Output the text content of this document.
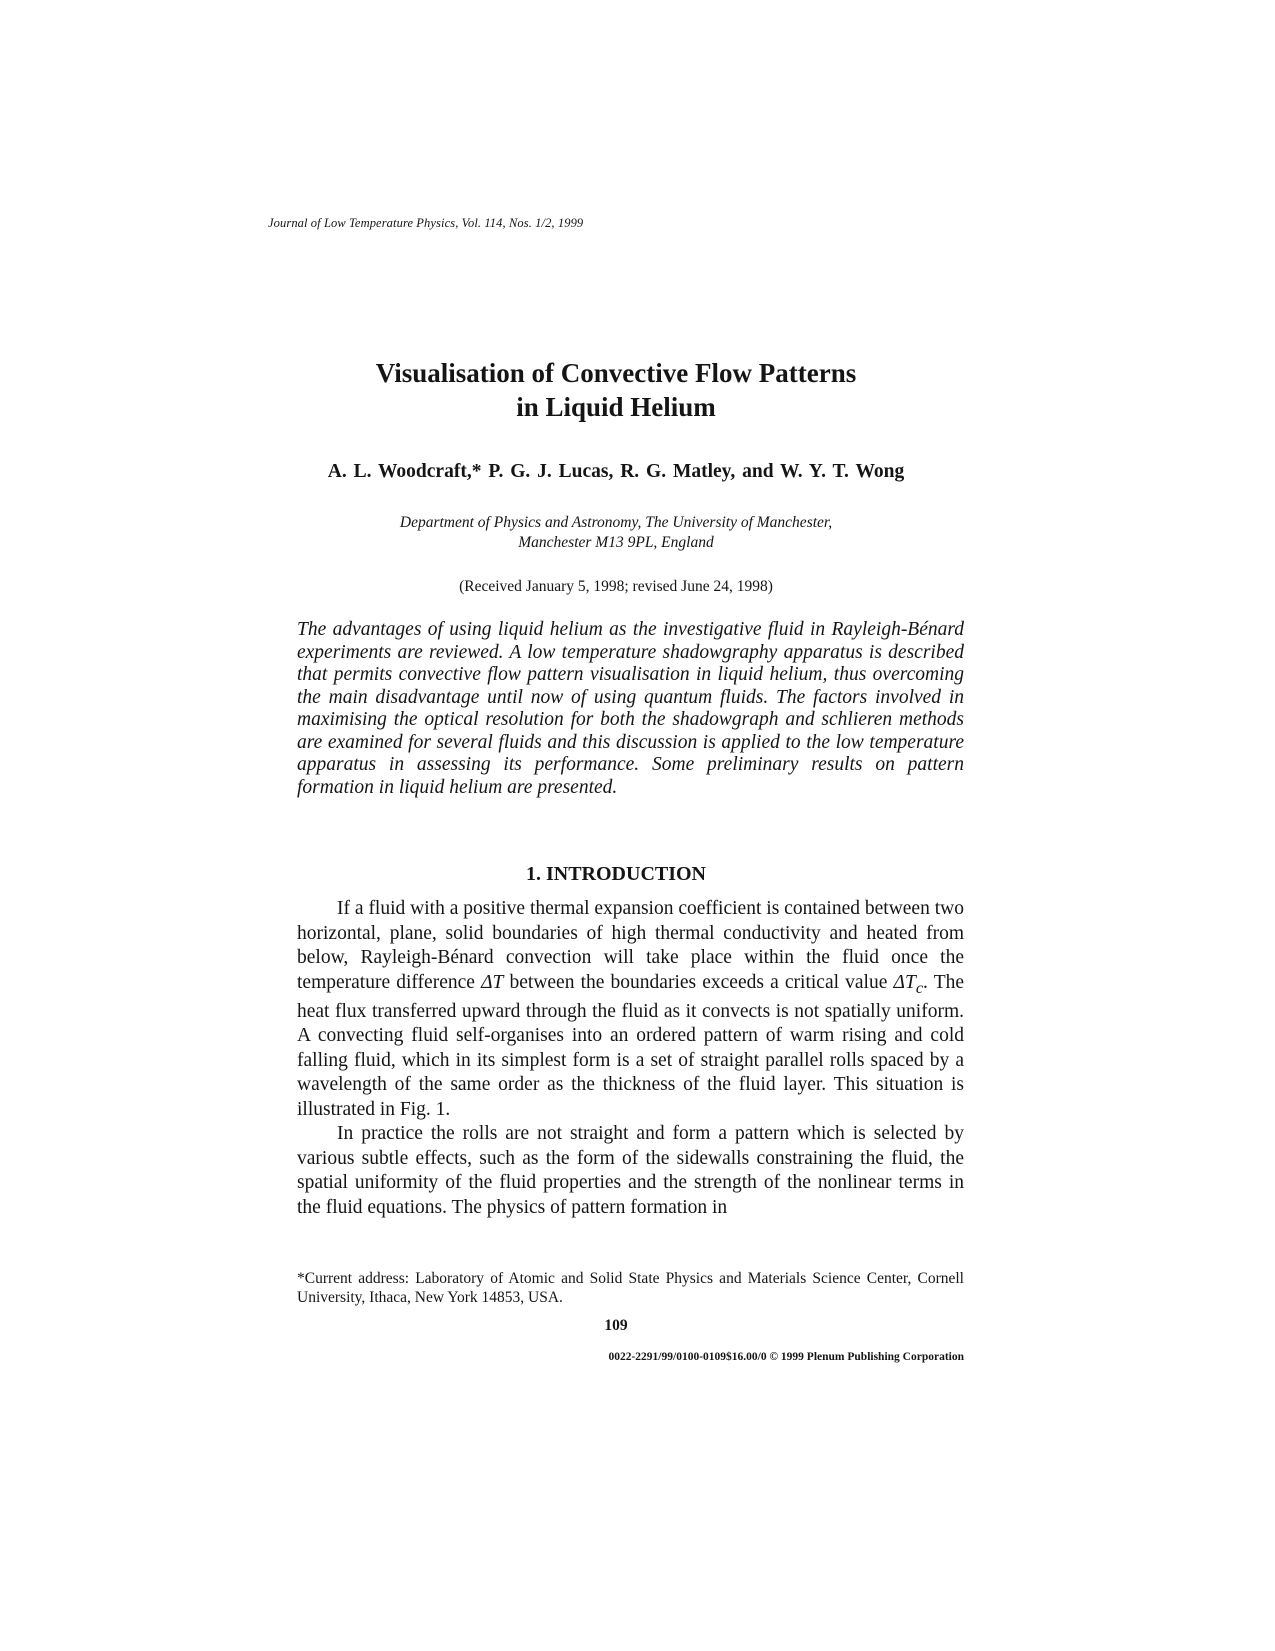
Journal of Low Temperature Physics, Vol. 114, Nos. 1/2, 1999
Visualisation of Convective Flow Patterns
in Liquid Helium
A. L. Woodcraft,* P. G. J. Lucas, R. G. Matley, and W. Y. T. Wong
Department of Physics and Astronomy, The University of Manchester,
Manchester M13 9PL, England
(Received January 5, 1998; revised June 24, 1998)
The advantages of using liquid helium as the investigative fluid in Rayleigh-Bénard experiments are reviewed. A low temperature shadowgraphy apparatus is described that permits convective flow pattern visualisation in liquid helium, thus overcoming the main disadvantage until now of using quantum fluids. The factors involved in maximising the optical resolution for both the shadowgraph and schlieren methods are examined for several fluids and this discussion is applied to the low temperature apparatus in assessing its performance. Some preliminary results on pattern formation in liquid helium are presented.
1. INTRODUCTION

If a fluid with a positive thermal expansion coefficient is contained between two horizontal, plane, solid boundaries of high thermal conductivity and heated from below, Rayleigh-Bénard convection will take place within the fluid once the temperature difference ΔT between the boundaries exceeds a critical value $\Delta T_c$. The heat flux transferred upward through the fluid as it convects is not spatially uniform. A convecting fluid self-organises into an ordered pattern of warm rising and cold falling fluid, which in its simplest form is a set of straight parallel rolls spaced by a wavelength of the same order as the thickness of the fluid layer. This situation is illustrated in Fig. 1.

In practice the rolls are not straight and form a pattern which is selected by various subtle effects, such as the form of the sidewalls constraining the fluid, the spatial uniformity of the fluid properties and the strength of the nonlinear terms in the fluid equations. The physics of pattern formation in

*Current address: Laboratory of Atomic and Solid State Physics and Materials Science Center, Cornell University, Ithaca, New York 14853, USA.
109
0022-2291/99/0100-0109$16.00/0 © 1999 Plenum Publishing Corporation
